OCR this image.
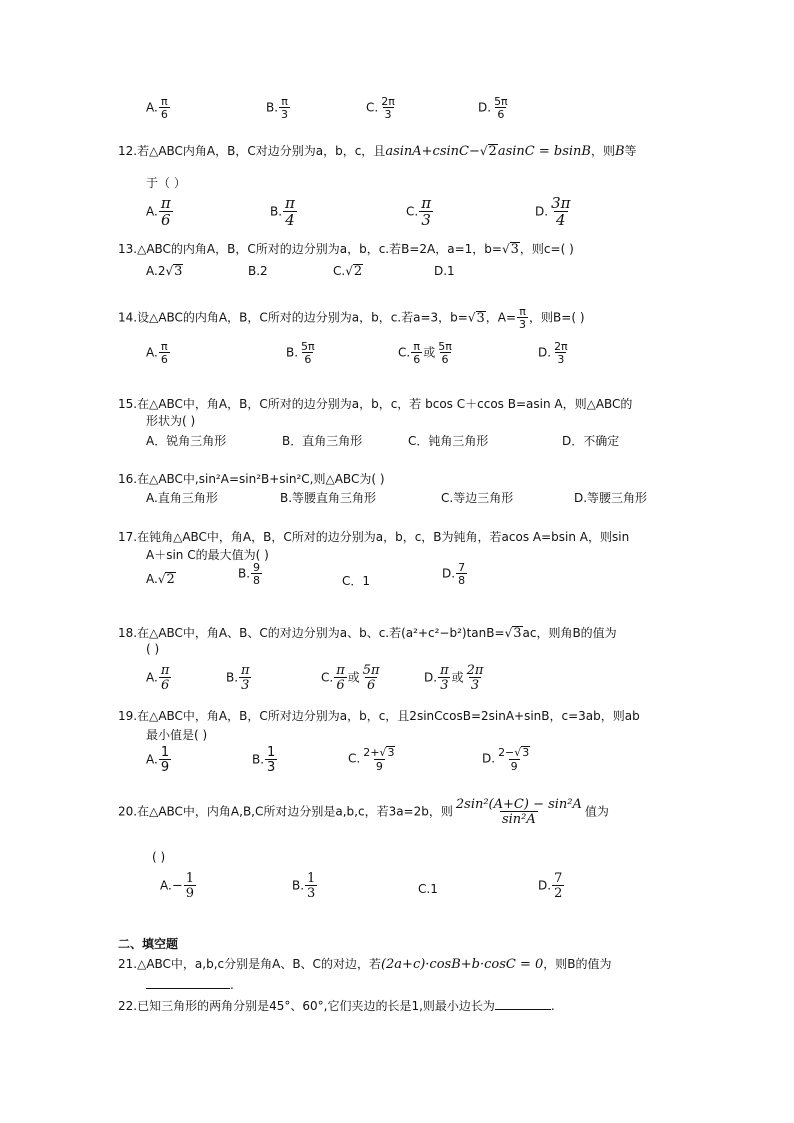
A. $\frac{\pi}{6}$	B. $\frac{\pi}{3}$	C. $\frac{2\pi}{3}$	D. $\frac{5\pi}{6}$
12.若△ABC内角A，B，C对边分别为a，b，c，且asinA+csinC−√2asinC = bsinB，则B等
于（ ）
A. $\frac{\pi}{6}$	B. $\frac{\pi}{4}$	C. $\frac{\pi}{3}$	D. $\frac{3\pi}{4}$
13.△ABC的内角A，B，C所对的边分别为a，b，c.若B=2A，a=1，b=√3，则c=( )
A.2√3	B.2	C.√2	D.1
14.设△ABC的内角A，B，C所对的边分别为a，b，c.若a=3，b=√3，$A= \frac{\pi}{3}$ ，则B=( )
A. $\frac{\pi}{6}$	B. $\frac{5\pi}{6}$	C. $\frac{\pi}{6}$ 或 $\frac{5\pi}{6}$	D. $\frac{2\pi}{3}$
15.在△ABC中，角A，B，C所对的边分别为a，b，c，若 bcos C＋ccos B=asin A，则△ABC的
形状为( )
A．锐角三角形	B．直角三角形	C．钝角三角形	D．不确定
16.在△ABC中,sin²A=sin²B+sin²C,则△ABC为( )
A.直角三角形	B.等腰直角三角形	C.等边三角形	D.等腰三角形
17.在钝角△ABC中，角A，B，C所对的边分别为a，b，c，B为钝角，若acos A=bsin A，则sin
A＋sin C的最大值为( )
A.√2	B. $\frac{9}{8}$	C．1
D. $\frac{7}{8}$
18.在△ABC中，角A、B、C的对边分别为a、b、c.若(a²+c²−b²)tanB=√3ac，则角B的值为
( )
A. $\frac{\pi}{6}$	B. $\frac{\pi}{3}$	C. $\frac{\pi}{6}$ 或 $\frac{5\pi}{6}$	D. $\frac{\pi}{3}$ 或 $\frac{2\pi}{3}$
19.在△ABC中，角A，B，C所对边分别为a，b，c，且2sinCcosB=2sinA+sinB，c=3ab，则ab
最小值是( )
A. $\frac{1}{9}$	B. $\frac{1}{3}$	C. $\frac{2+√3}{9}$	D. $\frac{2-√3}{9}$
20.在△ABC中，内角A,B,C所对边分别是a,b,c，若3a=2b，则 $\frac{\text{2sin²(A+C) − sin²A}}{\text{sin²A}}$ 值为
( )
$A.- \frac{1}{9}$	B. $\frac{1}{3}$	C.1	D. $\frac{7}{2}$
二、填空题
21.△ABC中，a,b,c分别是角A、B、C的对边，若(2a+c)·cosB+b·cosC = 0，则B的值为
.
22.已知三角形的两角分别是45°、60°,它们夹边的长是1,则最小边长为	.
